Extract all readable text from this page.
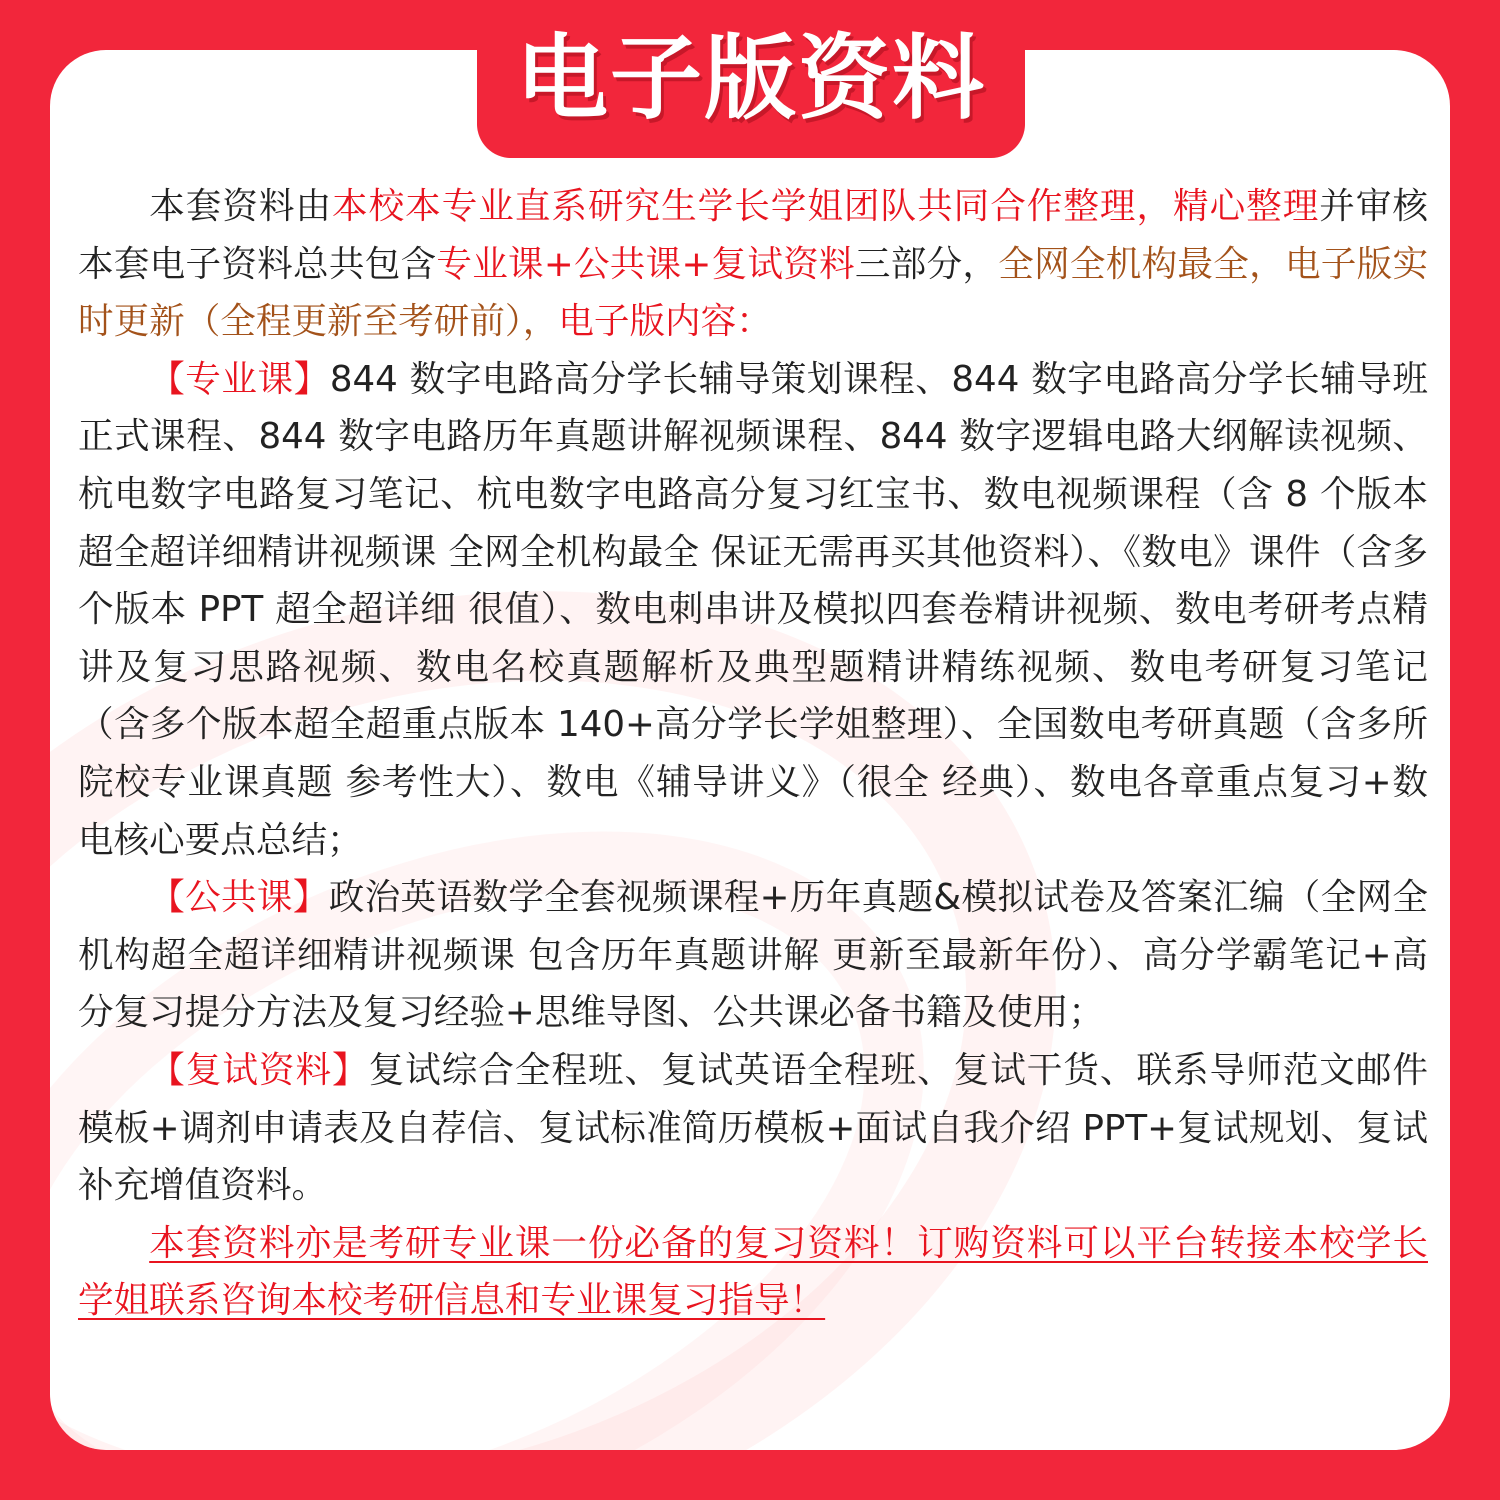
电子版资料

本套资料由本校本专业直系研究生学长学姐团队共同合作整理，精心整理并审核本套电子资料总共包含专业课+公共课+复试资料三部分，全网全机构最全，电子版实时更新（全程更新至考研前），电子版内容：

【专业课】844 数字电路高分学长辅导策划课程、844 数字电路高分学长辅导班正式课程、844 数字电路历年真题讲解视频课程、844 数字逻辑电路大纲解读视频、杭电数字电路复习笔记、杭电数字电路高分复习红宝书、数电视频课程（含 8 个版本超全超详细精讲视频课 全网全机构最全 保证无需再买其他资料）、《数电》课件（含多个版本 PPT 超全超详细 很值）、数电刺串讲及模拟四套卷精讲视频、数电考研考点精讲及复习思路视频、数电名校真题解析及典型题精讲精练视频、数电考研复习笔记（含多个版本超全超重点版本 140+高分学长学姐整理）、全国数电考研真题（含多所院校专业课真题 参考性大）、数电《辅导讲义》（很全 经典）、数电各章重点复习+数电核心要点总结；

【公共课】政治英语数学全套视频课程+历年真题&模拟试卷及答案汇编（全网全机构超全超详细精讲视频课 包含历年真题讲解 更新至最新年份）、高分学霸笔记+高分复习提分方法及复习经验+思维导图、公共课必备书籍及使用；

【复试资料】复试综合全程班、复试英语全程班、复试干货、联系导师范文邮件模板+调剂申请表及自荐信、复试标准简历模板+面试自我介绍 PPT+复试规划、复试补充增值资料。

本套资料亦是考研专业课一份必备的复习资料！订购资料可以平台转接本校学长学姐联系咨询本校考研信息和专业课复习指导！
